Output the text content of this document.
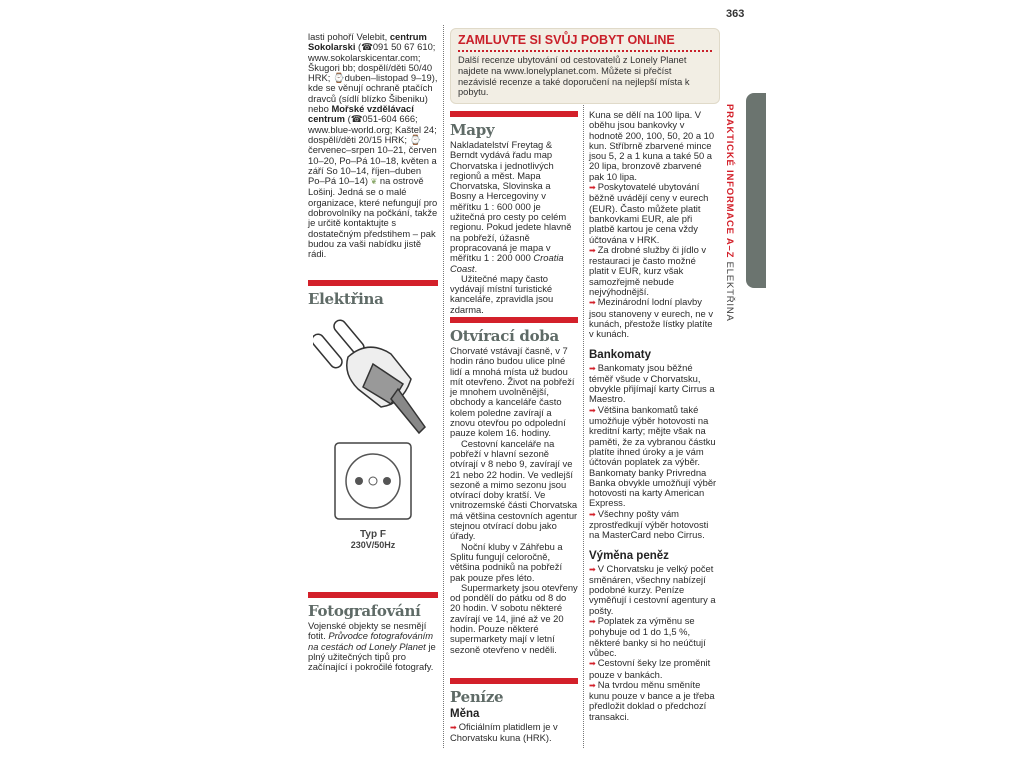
363
PRAKTICKÉ INFORMACE A–Z ELEKTŘINA
ZAMLUVTE SI SVŮJ POBYT ONLINE
Další recenze ubytování od cestovatelů z Lonely Planet najdete na www.lonelyplanet.com. Můžete si přečíst nezávislé recenze a také doporučení na nejlepší místa k pobytu.

lasti pohoří Velebit, centrum Sokolarski (☎091 50 67 610; www.sokolarskicentar.com; Škugori bb; dospělí/děti 50/40 HRK; ⌚duben–listopad 9–19), kde se věnují ochraně ptačích dravců (sídlí blízko Šibeniku) nebo Mořské vzdělávací centrum (☎051-604 666; www.blue-world.org; Kaštel 24; dospělí/děti 20/15 HRK; ⌚červenec–srpen 10–21, červen 10–20, Po–Pá 10–18, květen a září So 10–14, říjen–duben Po–Pá 10–14) ❦ na ostrově Lošinj. Jedná se o malé organizace, které nefungují pro dobrovolníky na počkání, takže je určitě kontaktujte s dostatečným předstihem – pak budou za vaši nabídku jistě rádi.

Elektřina

Typ F
230V/50Hz
Fotografování

Vojenské objekty se nesmějí fotit. Průvodce fotografováním na cestách od Lonely Planet je plný užitečných tipů pro začínající i pokročilé fotografy.

Mapy

Nakladatelství Freytag & Berndt vydává řadu map Chorvatska i jednotlivých regionů a měst. Mapa Chorvatska, Slovinska a Bosny a Hercegoviny v měřítku 1 : 600 000 je užitečná pro cesty po celém regionu. Pokud jedete hlavně na pobřeží, úžasně propracovaná je mapa v měřítku 1 : 200 000 Croatia Coast.

Užitečné mapy často vydávají místní turistické kanceláře, zpravidla jsou zdarma.

Otvírací doba

Chorvaté vstávají časně, v 7 hodin ráno budou ulice plné lidí a mnohá místa už budou mít otevřeno. Život na pobřeží je mnohem uvolněnější, obchody a kanceláře často kolem poledne zavírají a znovu otevřou po odpolední pauze kolem 16. hodiny.

Cestovní kanceláře na pobřeží v hlavní sezoně otvírají v 8 nebo 9, zavírají ve 21 nebo 22 hodin. Ve vedlejší sezoně a mimo sezonu jsou otvírací doby kratší. Ve vnitrozemské části Chorvatska má většina cestovních agentur stejnou otvírací dobu jako úřady.

Noční kluby v Záhřebu a Splitu fungují celoročně, většina podniků na pobřeží pak pouze přes léto.

Supermarkety jsou otevřeny od pondělí do pátku od 8 do 20 hodin. V sobotu některé zavírají ve 14, jiné až ve 20 hodin. Pouze některé supermarkety mají v letní sezoně otevřeno v neděli.

Peníze
Měna

➡ Oficiálním platidlem je v Chorvatsku kuna (HRK).

Kuna se dělí na 100 lipa. V oběhu jsou bankovky v hodnotě 200, 100, 50, 20 a 10 kun. Stříbrně zbarvené mince jsou 5, 2 a 1 kuna a také 50 a 20 lipa, bronzově zbarvené pak 10 lipa.

➡ Poskytovatelé ubytování běžně uvádějí ceny v eurech (EUR). Často můžete platit bankovkami EUR, ale při platbě kartou je cena vždy účtována v HRK.

➡ Za drobné služby či jídlo v restauraci je často možné platit v EUR, kurz však samozřejmě nebude nejvýhodnější.

➡ Mezinárodní lodní plavby jsou stanoveny v eurech, ne v kunách, přestože lístky platíte v kunách.

Bankomaty

➡ Bankomaty jsou běžné téměř všude v Chorvatsku, obvykle přijímají karty Cirrus a Maestro.

➡ Většina bankomatů také umožňuje výběr hotovosti na kreditní karty; mějte však na paměti, že za vybranou částku platíte ihned úroky a je vám účtován poplatek za výběr. Bankomaty banky Privredna Banka obvykle umožňují výběr hotovosti na karty American Express.

➡ Všechny pošty vám zprostředkují výběr hotovosti na MasterCard nebo Cirrus.

Výměna peněz

➡ V Chorvatsku je velký počet směnáren, všechny nabízejí podobné kurzy. Peníze vyměňují i cestovní agentury a pošty.

➡ Poplatek za výměnu se pohybuje od 1 do 1,5 %, některé banky si ho neúčtují vůbec.

➡ Cestovní šeky lze proměnit pouze v bankách.

➡ Na tvrdou měnu směníte kunu pouze v bance a je třeba předložit doklad o předchozí transakci.
